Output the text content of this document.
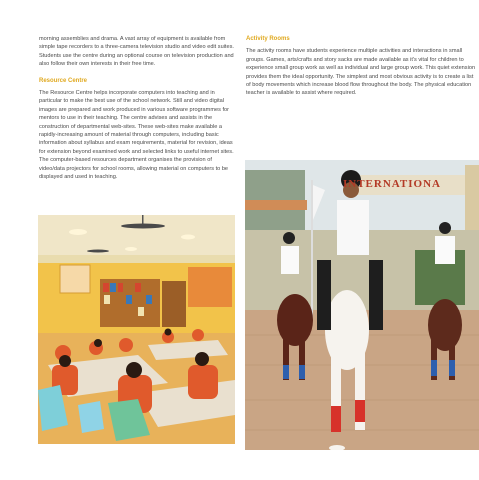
morning assemblies and drama. A vast array of equipment is available from simple tape recorders to a three-camera television studio and video edit suites. Students use the centre during an optional course on television production and also follow their own interests in their free time.

Resource Centre

The Resource Centre helps incorporate computers into teaching and in particular to make the best use of the school network. Still and video digital images are prepared and work produced in various software programmes for mentors to use in their teaching. The centre advises and assists in the construction of departmental web-sites. These web-sites make available a rapidly-increasing amount of material through computers, including basic information about syllabus and exam requirements, material for revision, ideas for extension beyond examined work and selected links to useful internet sites. The computer-based resources department organises the provision of video/data projectors for school rooms, allowing material on computers to be displayed and used in teaching.

Activity Rooms

The activity rooms have students experience multiple activities and interactions in small groups. Games, arts/crafts and story sacks are made available as it's vital for children to experience small group work as well as individual and large group work. This quiet extension provides them the ideal opportunity. The simplest and most obvious activity is to create a list of body movements which increase blood flow throughout the body. The physical education teacher is available to assist where required.

INTERNATIONA
